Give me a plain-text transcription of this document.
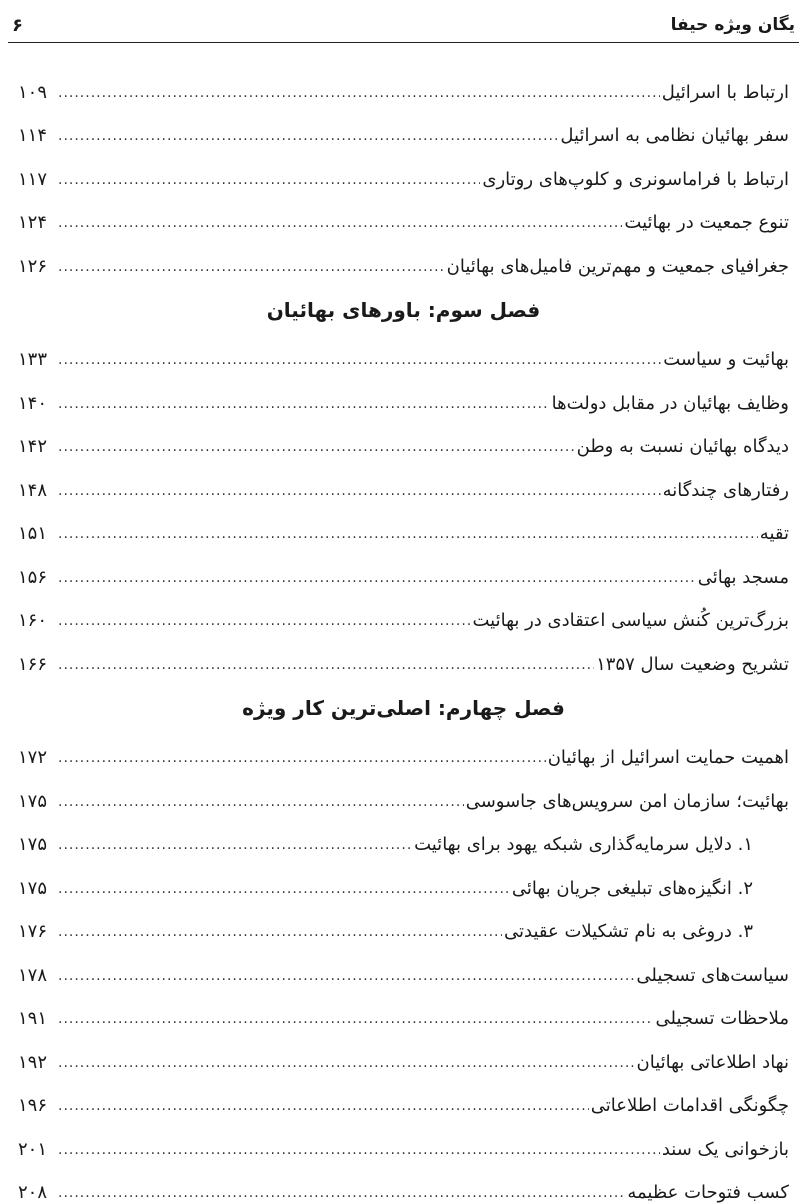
یگان ویژه حیفا
۶
ارتباط با اسرائیل
.....
۱۰۹
سفر بهائیان نظامی به اسرائیل
.....
۱۱۴
ارتباط با فراماسونری و کلوپ‌های روتاری
.....
۱۱۷
تنوع جمعیت در بهائیت
.....
۱۲۴
جغرافیای جمعیت و مهم‌ترین فامیل‌های بهائیان
.....
۱۲۶
فصل سوم: باورهای بهائیان
بهائیت و سیاست
.....
۱۳۳
وظایف بهائیان در مقابل دولت‌ها
.....
۱۴۰
دیدگاه بهائیان نسبت به وطن
.....
۱۴۲
رفتارهای چندگانه
.....
۱۴۸
تقیه
.....
۱۵۱
مسجد بهائی
.....
۱۵۶
بزرگ‌ترین کُنش سیاسی اعتقادی در بهائیت
.....
۱۶۰
تشریح وضعیت سال ۱۳۵۷
.....
۱۶۶
فصل چهارم: اصلی‌ترین کار ویژه
اهمیت حمایت اسرائیل از بهائیان
.....
۱۷۲
بهائیت؛ سازمان امن سرویس‌های جاسوسی
.....
۱۷۵
۱. دلایل سرمایه‌گذاری شبکه یهود برای بهائیت
.....
۱۷۵
۲. انگیزه‌های تبلیغی جریان بهائی
.....
۱۷۵
۳. دروغی به نام تشکیلات عقیدتی
.....
۱۷۶
سیاست‌های تسجیلی
.....
۱۷۸
ملاحظات تسجیلی
.....
۱۹۱
نهاد اطلاعاتی بهائیان
.....
۱۹۲
چگونگی اقدامات اطلاعاتی
.....
۱۹۶
بازخوانی یک سند
.....
۲۰۱
کسب فتوحات عظیمه
.....
۲۰۸
